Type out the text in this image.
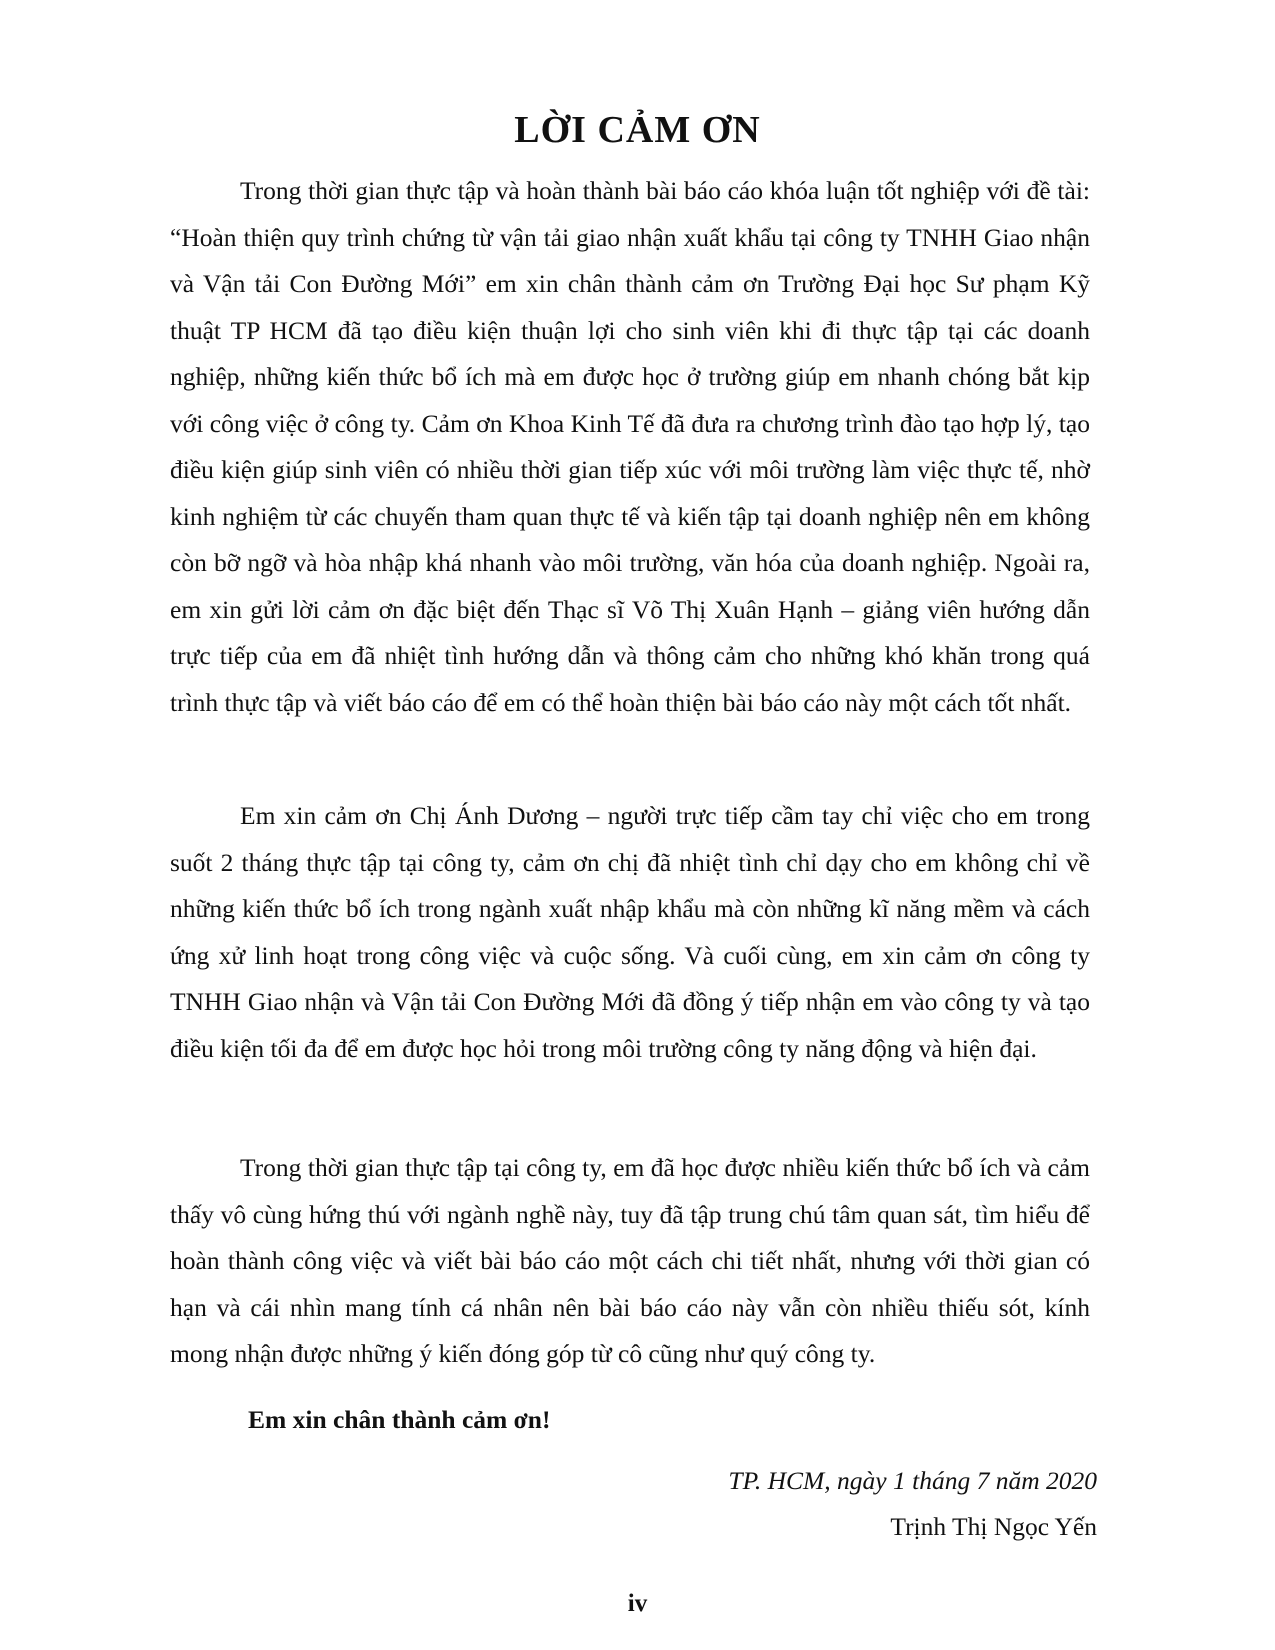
LỜI CẢM ƠN

Trong thời gian thực tập và hoàn thành bài báo cáo khóa luận tốt nghiệp với đề tài: “Hoàn thiện quy trình chứng từ vận tải giao nhận xuất khẩu tại công ty TNHH Giao nhận và Vận tải Con Đường Mới” em xin chân thành cảm ơn Trường Đại học Sư phạm Kỹ thuật TP HCM đã tạo điều kiện thuận lợi cho sinh viên khi đi thực tập tại các doanh nghiệp, những kiến thức bổ ích mà em được học ở trường giúp em nhanh chóng bắt kịp với công việc ở công ty. Cảm ơn Khoa Kinh Tế đã đưa ra chương trình đào tạo hợp lý, tạo điều kiện giúp sinh viên có nhiều thời gian tiếp xúc với môi trường làm việc thực tế, nhờ kinh nghiệm từ các chuyến tham quan thực tế và kiến tập tại doanh nghiệp nên em không còn bỡ ngỡ và hòa nhập khá nhanh vào môi trường, văn hóa của doanh nghiệp. Ngoài ra, em xin gửi lời cảm ơn đặc biệt đến Thạc sĩ Võ Thị Xuân Hạnh – giảng viên hướng dẫn trực tiếp của em đã nhiệt tình hướng dẫn và thông cảm cho những khó khăn trong quá trình thực tập và viết báo cáo để em có thể hoàn thiện bài báo cáo này một cách tốt nhất.

Em xin cảm ơn Chị Ánh Dương – người trực tiếp cầm tay chỉ việc cho em trong suốt 2 tháng thực tập tại công ty, cảm ơn chị đã nhiệt tình chỉ dạy cho em không chỉ về những kiến thức bổ ích trong ngành xuất nhập khẩu mà còn những kĩ năng mềm và cách ứng xử linh hoạt trong công việc và cuộc sống. Và cuối cùng, em xin cảm ơn công ty TNHH Giao nhận và Vận tải Con Đường Mới đã đồng ý tiếp nhận em vào công ty và tạo điều kiện tối đa để em được học hỏi trong môi trường công ty năng động và hiện đại.

Trong thời gian thực tập tại công ty, em đã học được nhiều kiến thức bổ ích và cảm thấy vô cùng hứng thú với ngành nghề này, tuy đã tập trung chú tâm quan sát, tìm hiểu để hoàn thành công việc và viết bài báo cáo một cách chi tiết nhất, nhưng với thời gian có hạn và cái nhìn mang tính cá nhân nên bài báo cáo này vẫn còn nhiều thiếu sót, kính mong nhận được những ý kiến đóng góp từ cô cũng như quý công ty.

Em xin chân thành cảm ơn!

TP. HCM, ngày 1 tháng 7 năm 2020

Trịnh Thị Ngọc Yến

iv
